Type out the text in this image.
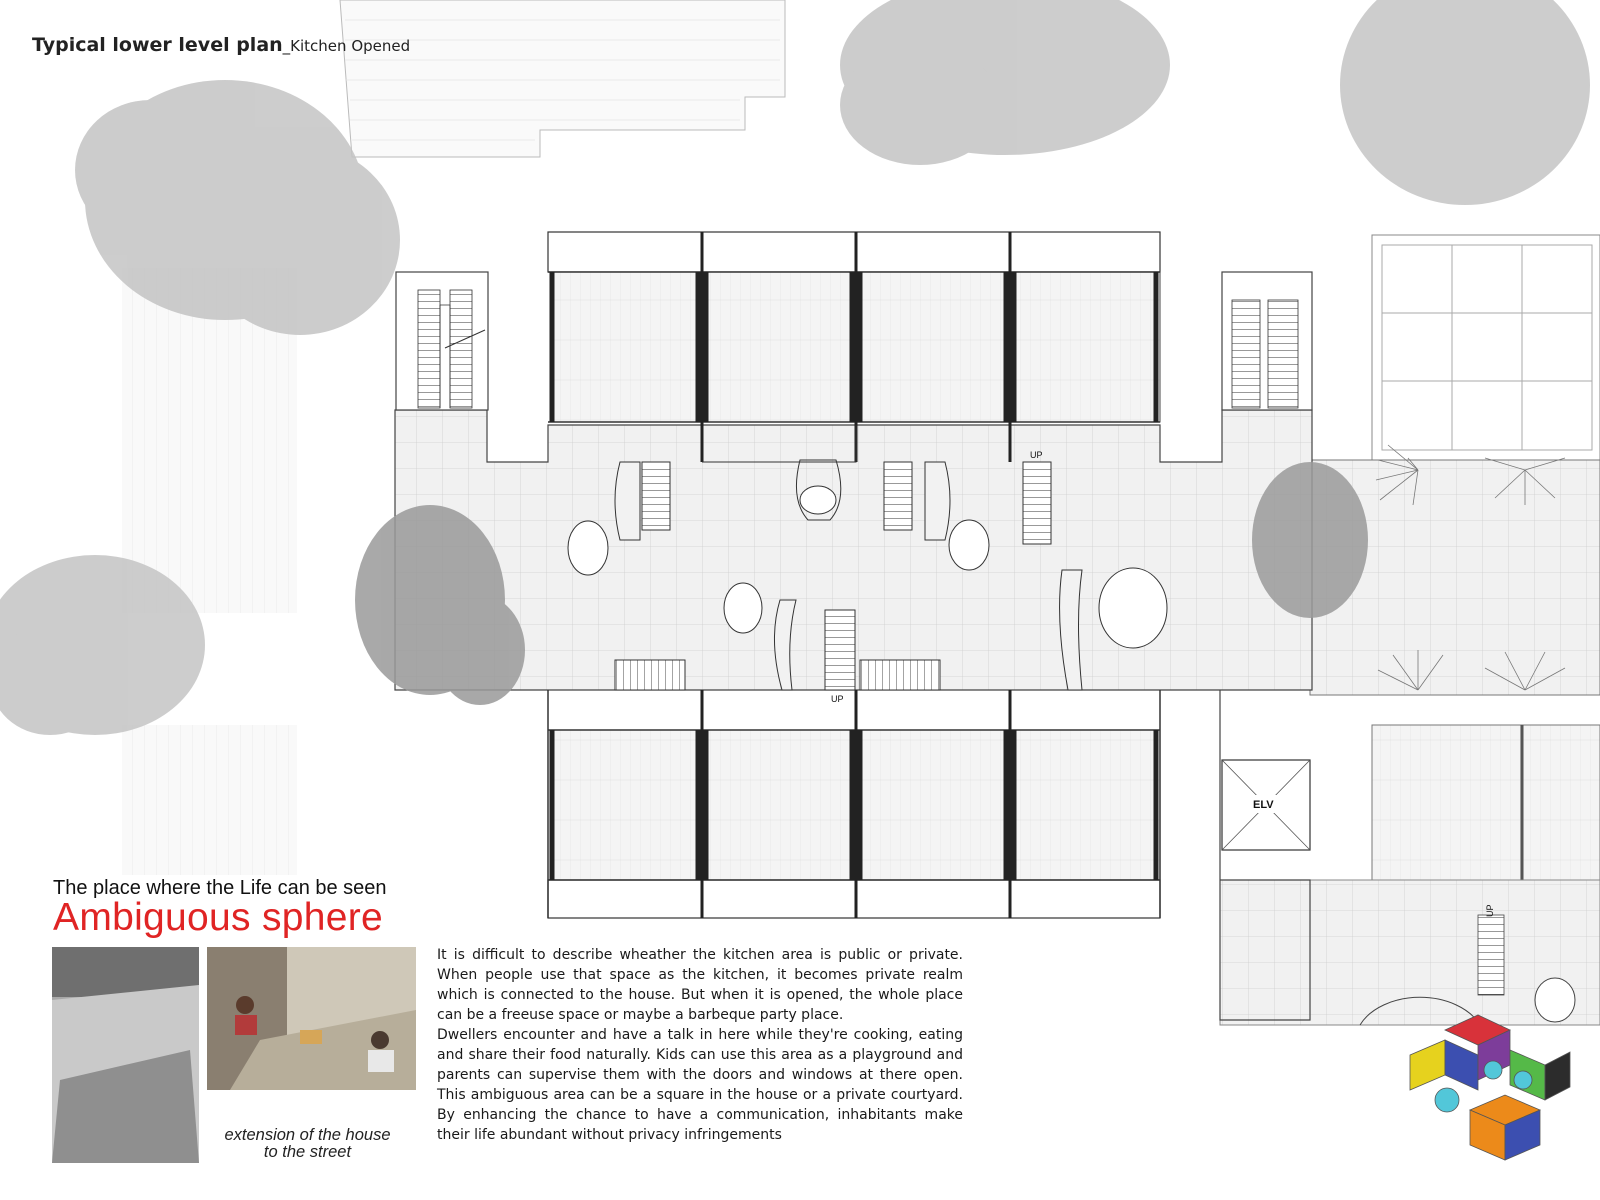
UP
UP
UP
ELV
Typical lower level plan_Kitchen Opened
The place where the Life can be seen
Ambiguous sphere
extension of the house
to the street

It is difficult to describe wheather the kitchen area is public or private. When people use that space as the kitchen, it becomes private realm which is connected to the house. But when it is opened, the whole place can be a freeuse space or maybe a barbeque party place.

Dwellers encounter and have a talk in here while they're cooking, eating and share their food naturally. Kids can use this area as a playground and parents can supervise them with the doors and windows at there open. This ambiguous area can be a square in the house or a private courtyard. By enhancing the chance to have a communication, inhabitants make their life abundant without privacy infringements
